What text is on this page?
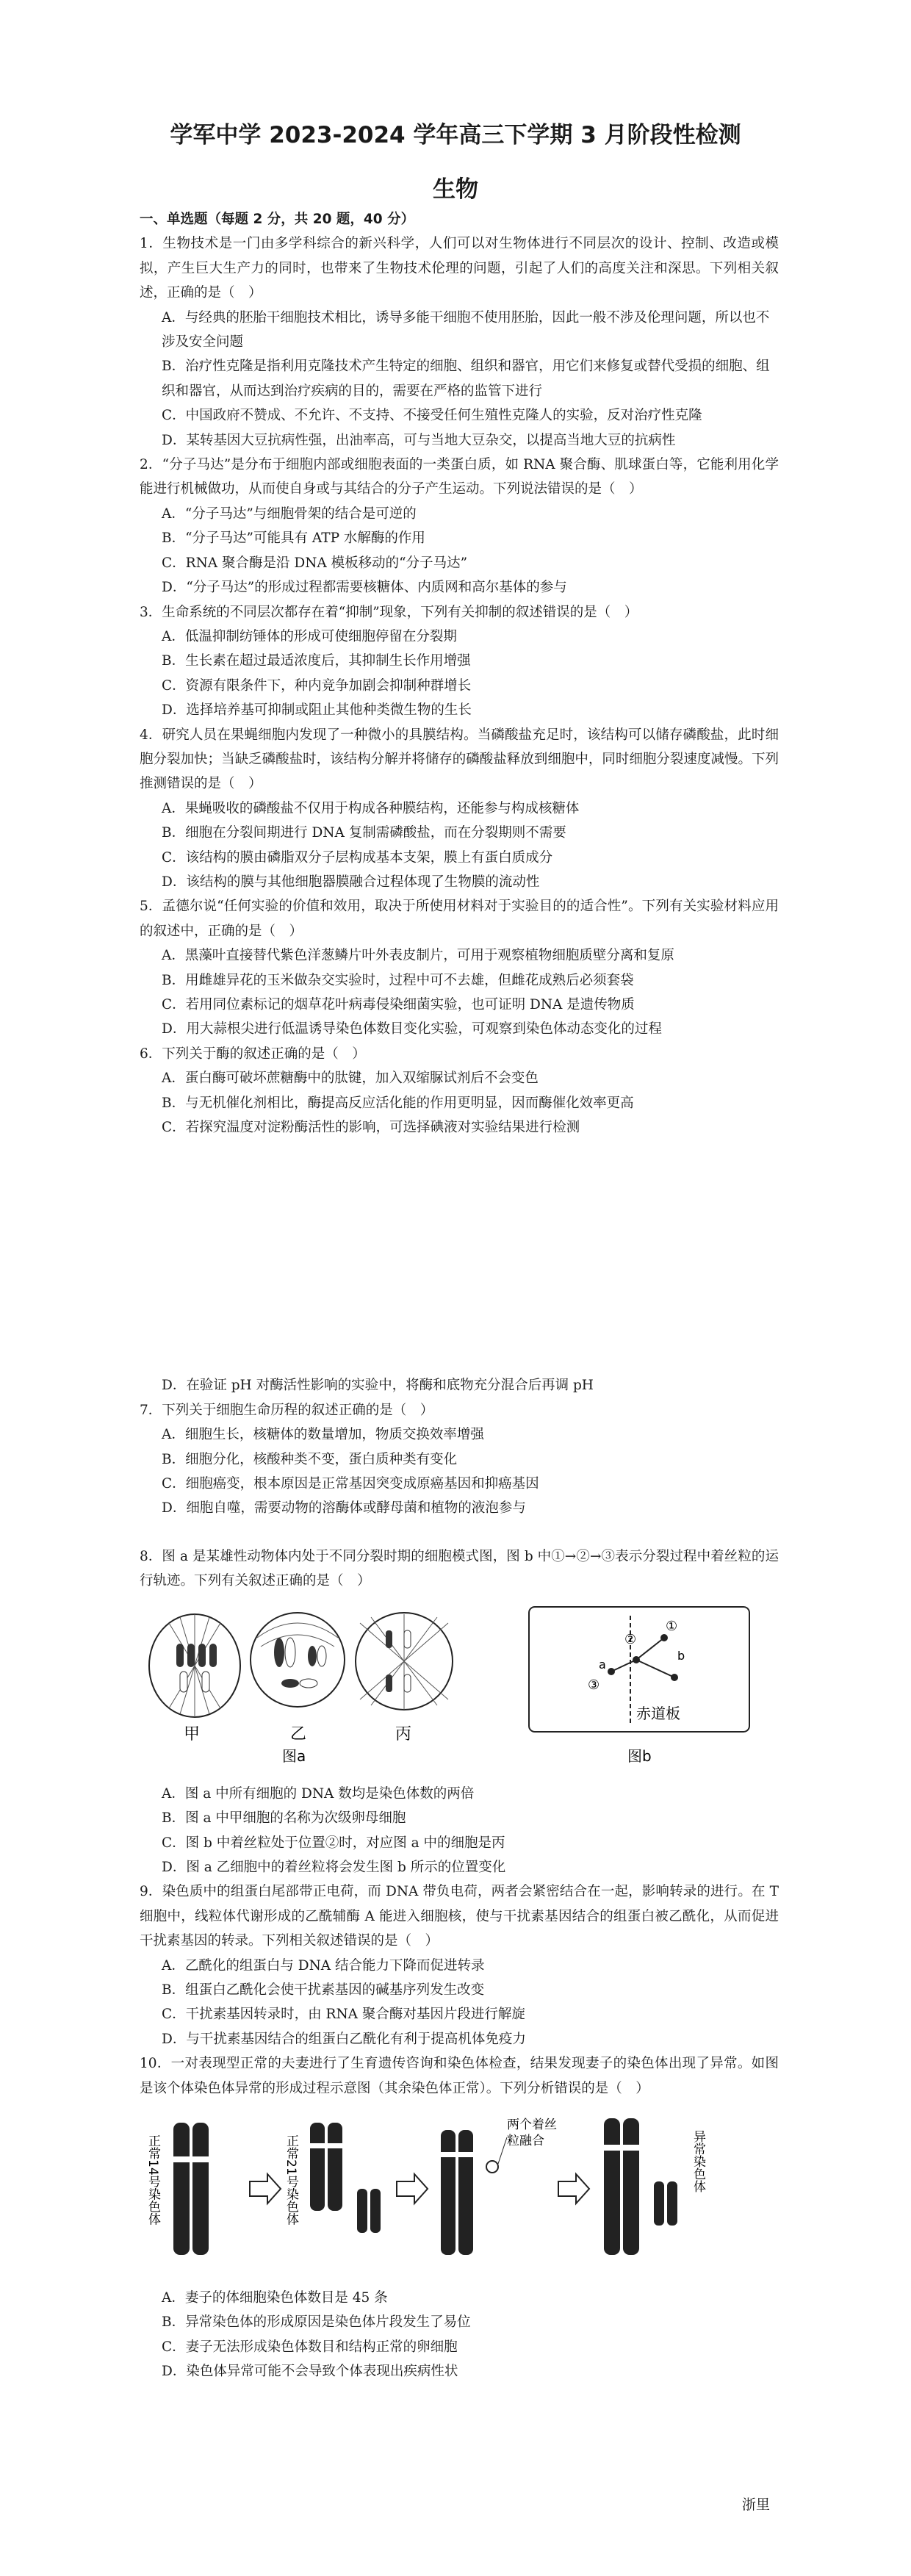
学军中学 2023-2024 学年高三下学期 3 月阶段性检测
生物

一、单选题（每题 2 分，共 20 题，40 分）

1．生物技术是一门由多学科综合的新兴科学，人们可以对生物体进行不同层次的设计、控制、改造或模拟，产生巨大生产力的同时，也带来了生物技术伦理的问题，引起了人们的高度关注和深思。下列相关叙述，正确的是（　）

A．与经典的胚胎干细胞技术相比，诱导多能干细胞不使用胚胎，因此一般不涉及伦理问题，所以也不涉及安全问题

B．治疗性克隆是指利用克隆技术产生特定的细胞、组织和器官，用它们来修复或替代受损的细胞、组织和器官，从而达到治疗疾病的目的，需要在严格的监管下进行

C．中国政府不赞成、不允许、不支持、不接受任何生殖性克隆人的实验，反对治疗性克隆

D．某转基因大豆抗病性强，出油率高，可与当地大豆杂交，以提高当地大豆的抗病性

2．“分子马达”是分布于细胞内部或细胞表面的一类蛋白质，如 RNA 聚合酶、肌球蛋白等，它能利用化学能进行机械做功，从而使自身或与其结合的分子产生运动。下列说法错误的是（　）

A．“分子马达”与细胞骨架的结合是可逆的

B．“分子马达”可能具有 ATP 水解酶的作用

C．RNA 聚合酶是沿 DNA 模板移动的“分子马达”

D．“分子马达”的形成过程都需要核糖体、内质网和高尔基体的参与

3．生命系统的不同层次都存在着“抑制”现象，下列有关抑制的叙述错误的是（　）

A．低温抑制纺锤体的形成可使细胞停留在分裂期

B．生长素在超过最适浓度后，其抑制生长作用增强

C．资源有限条件下，种内竞争加剧会抑制种群增长

D．选择培养基可抑制或阻止其他种类微生物的生长

4．研究人员在果蝇细胞内发现了一种微小的具膜结构。当磷酸盐充足时，该结构可以储存磷酸盐，此时细胞分裂加快；当缺乏磷酸盐时，该结构分解并将储存的磷酸盐释放到细胞中，同时细胞分裂速度减慢。下列推测错误的是（　）

A．果蝇吸收的磷酸盐不仅用于构成各种膜结构，还能参与构成核糖体

B．细胞在分裂间期进行 DNA 复制需磷酸盐，而在分裂期则不需要

C．该结构的膜由磷脂双分子层构成基本支架，膜上有蛋白质成分

D．该结构的膜与其他细胞器膜融合过程体现了生物膜的流动性

5．孟德尔说“任何实验的价值和效用，取决于所使用材料对于实验目的的适合性”。下列有关实验材料应用的叙述中，正确的是（　）

A．黑藻叶直接替代紫色洋葱鳞片叶外表皮制片，可用于观察植物细胞质壁分离和复原

B．用雌雄异花的玉米做杂交实验时，过程中可不去雄，但雌花成熟后必须套袋

C．若用同位素标记的烟草花叶病毒侵染细菌实验，也可证明 DNA 是遗传物质

D．用大蒜根尖进行低温诱导染色体数目变化实验，可观察到染色体动态变化的过程

6．下列关于酶的叙述正确的是（　）

A．蛋白酶可破坏蔗糖酶中的肽键，加入双缩脲试剂后不会变色

B．与无机催化剂相比，酶提高反应活化能的作用更明显，因而酶催化效率更高

C．若探究温度对淀粉酶活性的影响，可选择碘液对实验结果进行检测

D．在验证 pH 对酶活性影响的实验中，将酶和底物充分混合后再调 pH

7．下列关于细胞生命历程的叙述正确的是（　）

A．细胞生长，核糖体的数量增加，物质交换效率增强

B．细胞分化，核酸种类不变，蛋白质种类有变化

C．细胞癌变，根本原因是正常基因突变成原癌基因和抑癌基因

D．细胞自噬，需要动物的溶酶体或酵母菌和植物的液泡参与

8．图 a 是某雄性动物体内处于不同分裂时期的细胞模式图，图 b 中①→②→③表示分裂过程中着丝粒的运行轨迹。下列有关叙述正确的是（　）

甲	乙	丙
图a
①
②
③
a
b
赤道板
图b

A．图 a 中所有细胞的 DNA 数均是染色体数的两倍

B．图 a 中甲细胞的名称为次级卵母细胞

C．图 b 中着丝粒处于位置②时，对应图 a 中的细胞是丙

D．图 a 乙细胞中的着丝粒将会发生图 b 所示的位置变化

9．染色质中的组蛋白尾部带正电荷，而 DNA 带负电荷，两者会紧密结合在一起，影响转录的进行。在 T 细胞中，线粒体代谢形成的乙酰辅酶 A 能进入细胞核，使与干扰素基因结合的组蛋白被乙酰化，从而促进干扰素基因的转录。下列相关叙述错误的是（　）

A．乙酰化的组蛋白与 DNA 结合能力下降而促进转录

B．组蛋白乙酰化会使干扰素基因的碱基序列发生改变

C．干扰素基因转录时，由 RNA 聚合酶对基因片段进行解旋

D．与干扰素基因结合的组蛋白乙酰化有利于提高机体免疫力

10．一对表现型正常的夫妻进行了生育遗传咨询和染色体检查，结果发现妻子的染色体出现了异常。如图是该个体染色体异常的形成过程示意图（其余染色体正常）。下列分析错误的是（　）

正常14号染色体	正常21号染色体
两个着丝
粒融合	异常染色体

A．妻子的体细胞染色体数目是 45 条

B．异常染色体的形成原因是染色体片段发生了易位

C．妻子无法形成染色体数目和结构正常的卵细胞

D．染色体异常可能不会导致个体表现出疾病性状

浙里
